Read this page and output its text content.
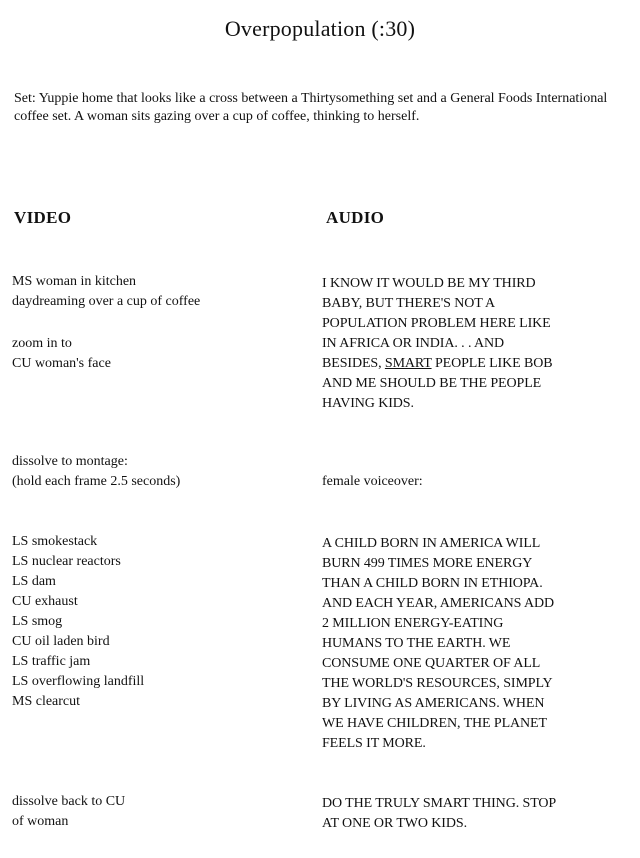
Overpopulation (:30)
Set: Yuppie home that looks like a cross between a Thirtysomething set and a General Foods International coffee set. A woman sits gazing over a cup of coffee, thinking to herself.
VIDEO	AUDIO
MS woman in kitchen
daydreaming over a cup of coffee
zoom in to
CU woman's face
I KNOW IT WOULD BE MY THIRD
BABY, BUT THERE'S NOT A
POPULATION PROBLEM HERE LIKE
IN AFRICA OR INDIA. . . AND
BESIDES, SMART PEOPLE LIKE BOB
AND ME SHOULD BE THE PEOPLE
HAVING KIDS.
dissolve to montage:
(hold each frame 2.5 seconds)	female voiceover:
LS smokestack
LS nuclear reactors
LS dam
CU exhaust
LS smog
CU oil laden bird
LS traffic jam
LS overflowing landfill
MS clearcut
A CHILD BORN IN AMERICA WILL
BURN 499 TIMES MORE ENERGY
THAN A CHILD BORN IN ETHIOPA.
AND EACH YEAR, AMERICANS ADD
2 MILLION ENERGY-EATING
HUMANS TO THE EARTH. WE
CONSUME ONE QUARTER OF ALL
THE WORLD'S RESOURCES, SIMPLY
BY LIVING AS AMERICANS. WHEN
WE HAVE CHILDREN, THE PLANET
FEELS IT MORE.
dissolve back to CU
of woman
DO THE TRULY SMART THING. STOP
AT ONE OR TWO KIDS.
